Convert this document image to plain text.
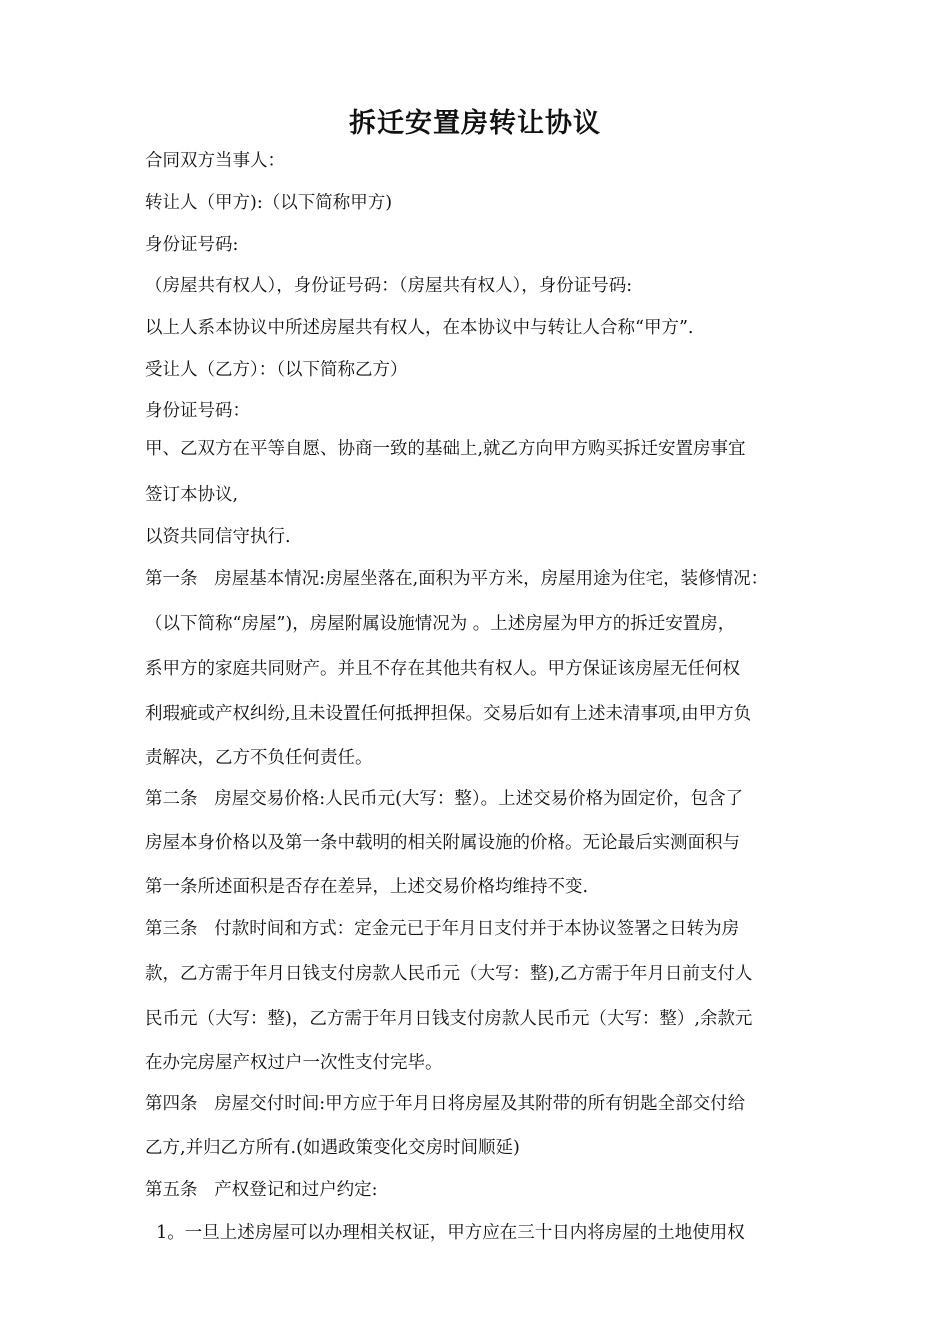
拆迁安置房转让协议
合同双方当事人：
转让人（甲方):（以下简称甲方)
身份证号码:
（房屋共有权人），身份证号码：（房屋共有权人），身份证号码:
以上人系本协议中所述房屋共有权人，在本协议中与转让人合称“甲方”.
受让人（乙方）：（以下简称乙方）
身份证号码：
甲、乙双方在平等自愿、协商一致的基础上,就乙方向甲方购买拆迁安置房事宜
签订本协议,
以资共同信守执行.
第一条   房屋基本情况:房屋坐落在,面积为平方米，房屋用途为住宅，装修情况：
（以下简称“房屋”)，房屋附属设施情况为 。上述房屋为甲方的拆迁安置房，
系甲方的家庭共同财产。并且不存在其他共有权人。甲方保证该房屋无任何权
利瑕疵或产权纠纷,且未设置任何抵押担保。交易后如有上述未清事项,由甲方负
责解决，乙方不负任何责任。
第二条   房屋交易价格:人民币元(大写：整）。上述交易价格为固定价，包含了
房屋本身价格以及第一条中载明的相关附属设施的价格。无论最后实测面积与
第一条所述面积是否存在差异，上述交易价格均维持不变.
第三条   付款时间和方式：定金元已于年月日支付并于本协议签署之日转为房
款，乙方需于年月日钱支付房款人民币元（大写：整),乙方需于年月日前支付人
民币元（大写：整)，乙方需于年月日钱支付房款人民币元（大写：整）,余款元
在办完房屋产权过户一次性支付完毕。
第四条   房屋交付时间:甲方应于年月日将房屋及其附带的所有钥匙全部交付给
乙方,并归乙方所有.(如遇政策变化交房时间顺延)
第五条   产权登记和过户约定:
1。一旦上述房屋可以办理相关权证，甲方应在三十日内将房屋的土地使用权
